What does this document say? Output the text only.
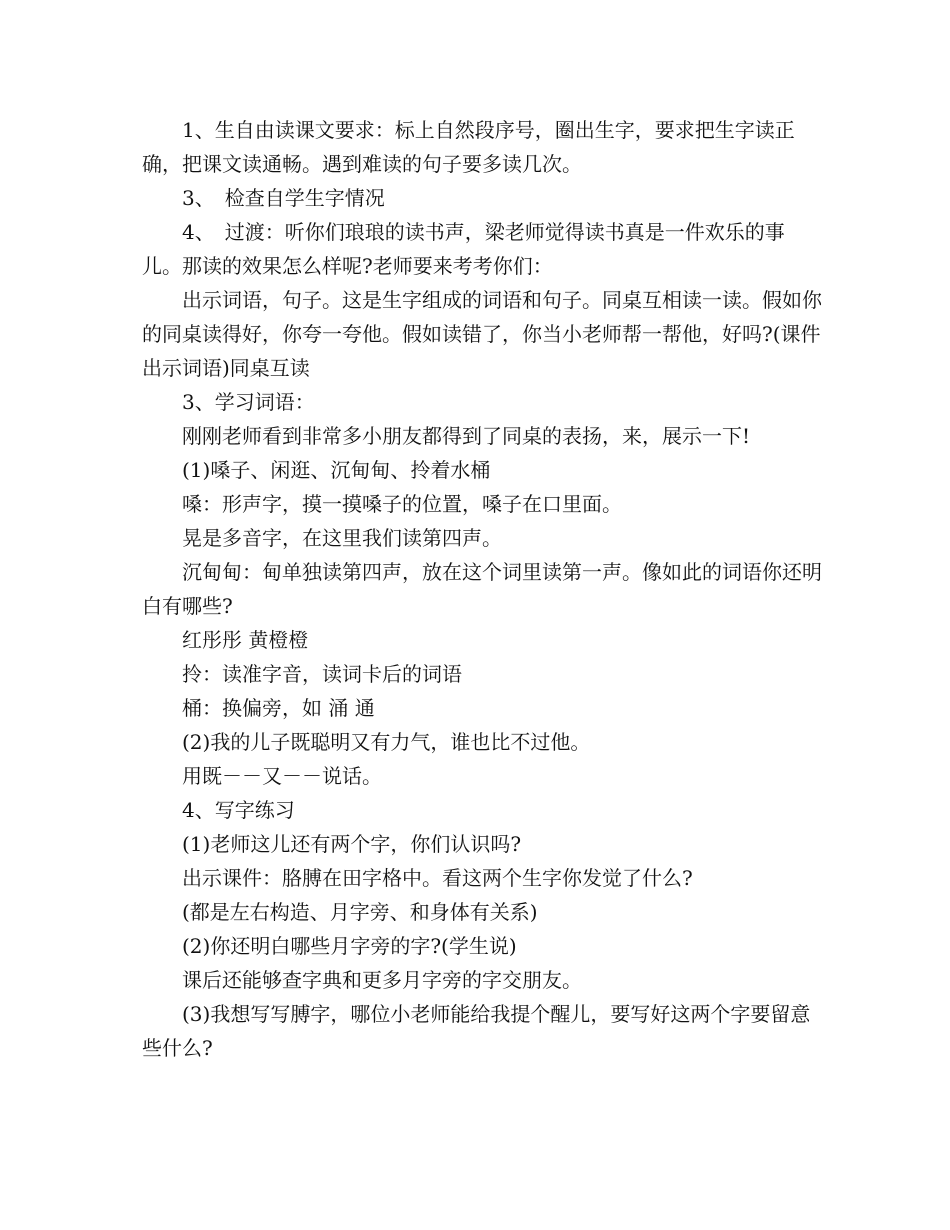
1、生自由读课文要求：标上自然段序号，圈出生字，要求把生字读正确，把课文读通畅。遇到难读的句子要多读几次。

3、　检查自学生字情况

4、　过渡：听你们琅琅的读书声，梁老师觉得读书真是一件欢乐的事儿。那读的效果怎么样呢?老师要来考考你们：

出示词语，句子。这是生字组成的词语和句子。同桌互相读一读。假如你的同桌读得好，你夸一夸他。假如读错了，你当小老师帮一帮他，好吗?(课件出示词语)同桌互读

3、学习词语：

刚刚老师看到非常多小朋友都得到了同桌的表扬，来，展示一下!

(1)嗓子、闲逛、沉甸甸、拎着水桶

嗓：形声字，摸一摸嗓子的位置，嗓子在口里面。

晃是多音字，在这里我们读第四声。

沉甸甸：甸单独读第四声，放在这个词里读第一声。像如此的词语你还明白有哪些?

红彤彤 黄橙橙

拎：读准字音，读词卡后的词语

桶：换偏旁，如 涌 通

(2)我的儿子既聪明又有力气，谁也比不过他。

用既－－又－－说话。

4、写字练习

(1)老师这儿还有两个字，你们认识吗?

出示课件：胳膊在田字格中。看这两个生字你发觉了什么?

(都是左右构造、月字旁、和身体有关系)

(2)你还明白哪些月字旁的字?(学生说)

课后还能够查字典和更多月字旁的字交朋友。

(3)我想写写膊字，哪位小老师能给我提个醒儿，要写好这两个字要留意些什么?
